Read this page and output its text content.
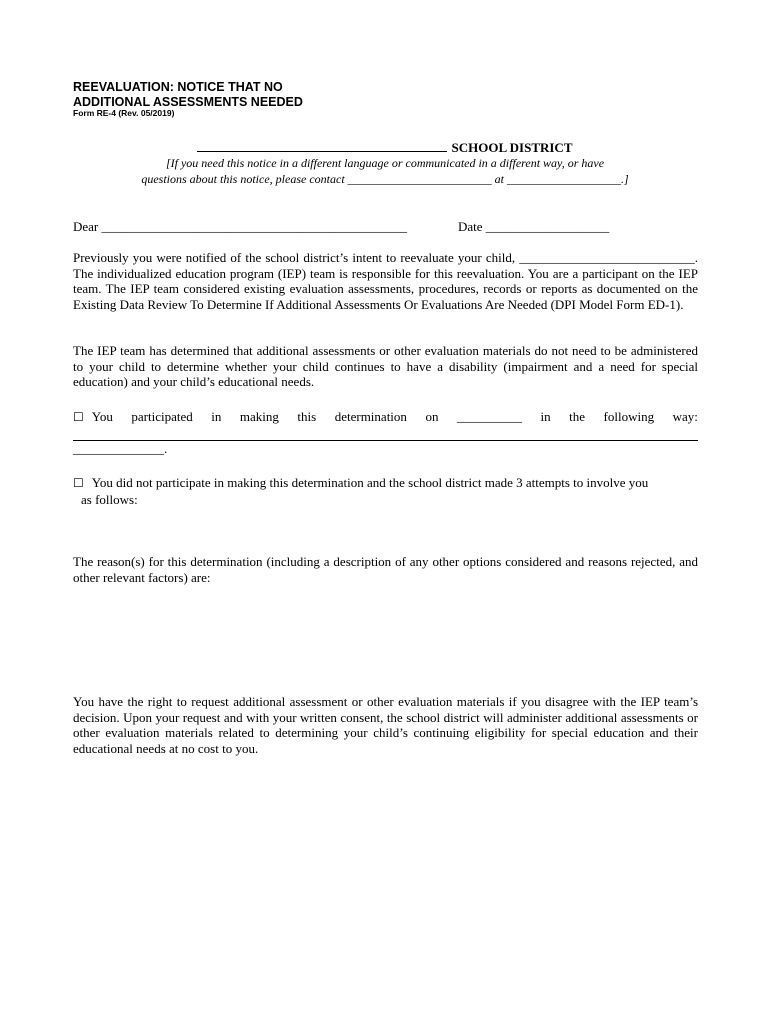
REEVALUATION: NOTICE THAT NO
ADDITIONAL ASSESSMENTS NEEDED
Form RE-4 (Rev. 05/2019)
SCHOOL DISTRICT
[If you need this notice in a different language or communicated in a different way, or have
questions about this notice, please contact ________________________ at ___________________.]
Dear _______________________________________________	Date ___________________
Previously you were notified of the school district’s intent to reevaluate your child, ___________________________. The individualized education program (IEP) team is responsible for this reevaluation. You are a participant on the IEP team. The IEP team considered existing evaluation assessments, procedures, records or reports as documented on the Existing Data Review To Determine If Additional Assessments Or Evaluations Are Needed (DPI Model Form ED-1).
The IEP team has determined that additional assessments or other evaluation materials do not need to be administered to your child to determine whether your child continues to have a disability (impairment and a need for special education) and your child’s educational needs.
☐ You participated in making this determination on __________ in the following way:
______________.
☐ You did not participate in making this determination and the school district made 3 attempts to involve you
as follows:
The reason(s) for this determination (including a description of any other options considered and reasons rejected, and other relevant factors) are:
You have the right to request additional assessment or other evaluation materials if you disagree with the IEP team’s decision. Upon your request and with your written consent, the school district will administer additional assessments or other evaluation materials related to determining your child’s continuing eligibility for special education and their educational needs at no cost to you.
